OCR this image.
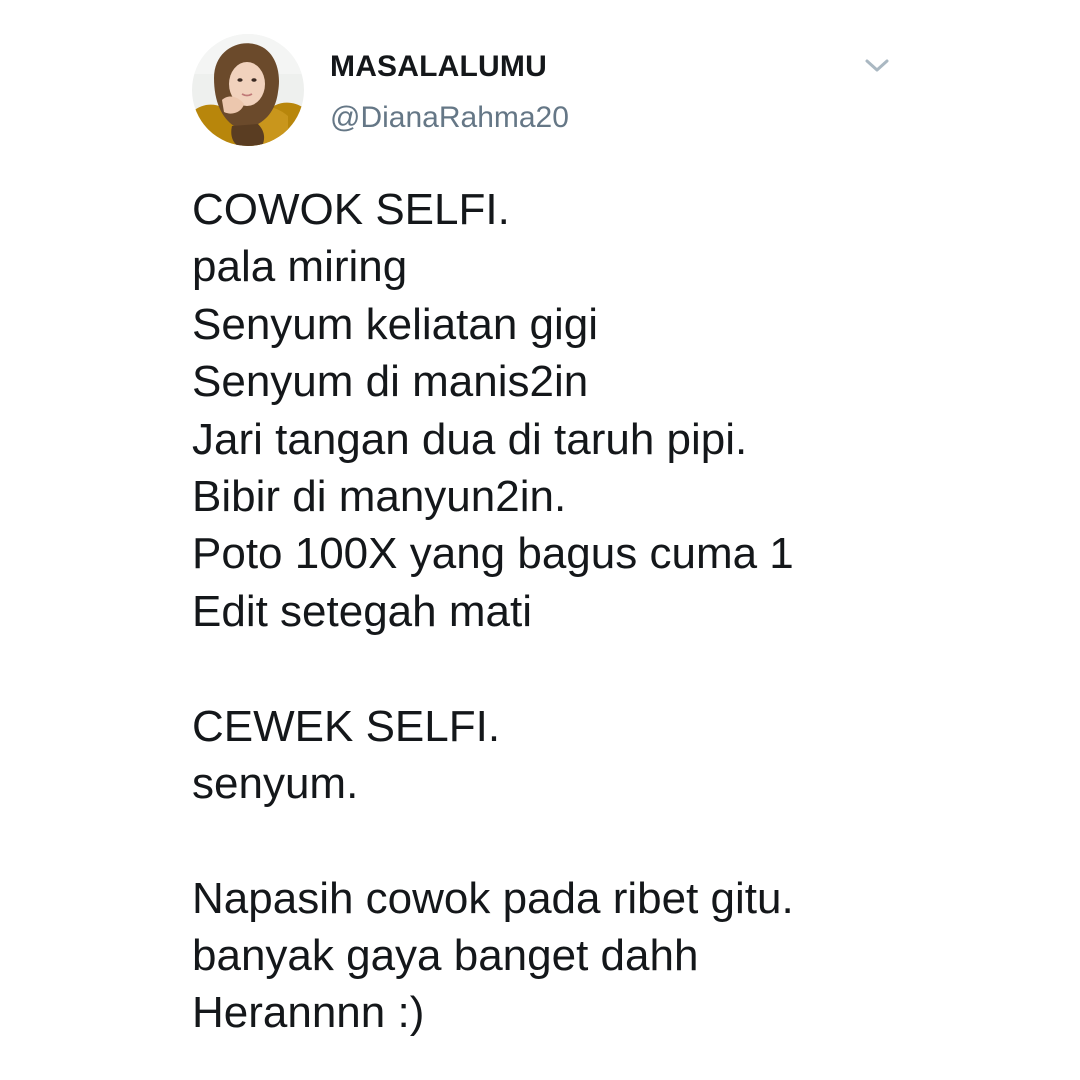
MASALALUMU
@DianaRahma20
COWOK SELFI.
pala miring
Senyum keliatan gigi
Senyum di manis2in
Jari tangan dua di taruh pipi.
Bibir di manyun2in.
Poto 100X yang bagus cuma 1
Edit setegah mati
CEWEK SELFI.
senyum.
Napasih cowok pada ribet gitu.
banyak gaya banget dahh
Herannnn :)
